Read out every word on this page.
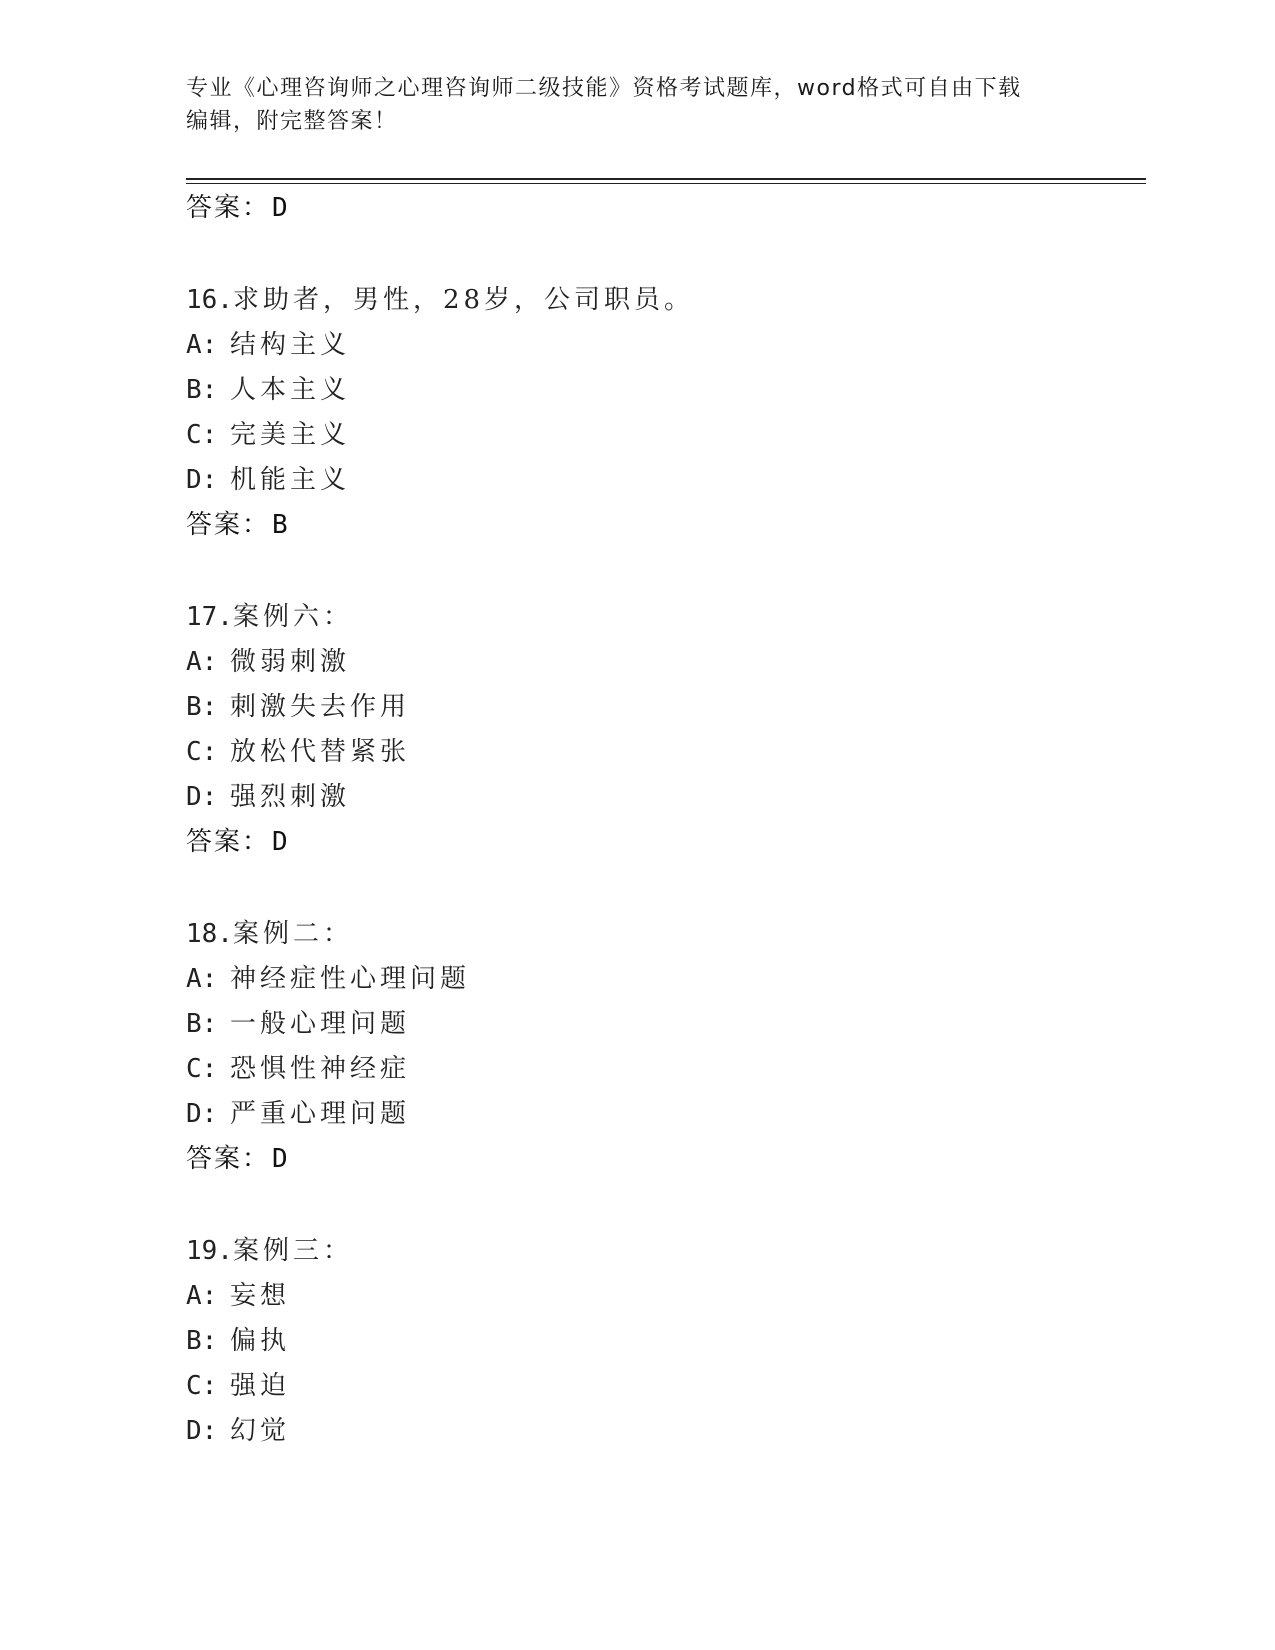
专业《心理咨询师之心理咨询师二级技能》资格考试题库，word格式可自由下载
编辑，附完整答案！
答案：D
16.求助者，男性，28岁，公司职员。
A: 结构主义
B: 人本主义
C: 完美主义
D: 机能主义
答案：B
17.案例六：
A: 微弱刺激
B: 刺激失去作用
C: 放松代替紧张
D: 强烈刺激
答案：D
18.案例二：
A: 神经症性心理问题
B: 一般心理问题
C: 恐惧性神经症
D: 严重心理问题
答案：D
19.案例三：
A: 妄想
B: 偏执
C: 强迫
D: 幻觉
